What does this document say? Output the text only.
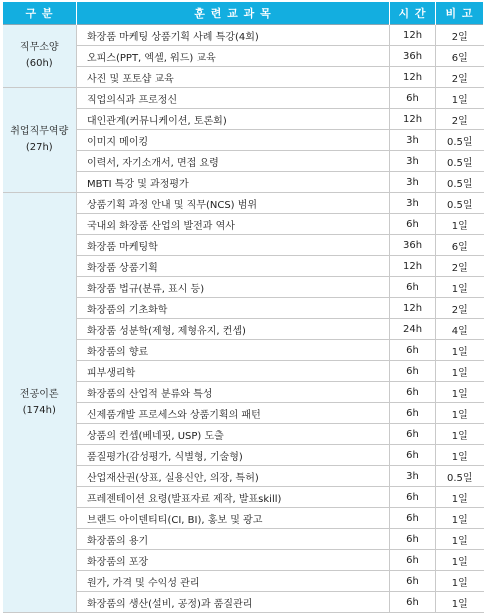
구 분	훈 련 교 과 목	시 간	비 고

직무소양
(60h)	화장품 마케팅 상품기획 사례 특강(4회)	12h	2일
	오피스(PPT, 엑셀, 워드) 교육	36h	6일
	사진 및 포토샵 교육	12h	2일

취업직무역량
(27h)	직업의식과 프로정신	6h	1일
	대인관계(커뮤니케이션, 토론회)	12h	2일
	이미지 메이킹	3h	0.5일
	이력서, 자기소개서, 면접 요령	3h	0.5일
	MBTI 특강 및 과정평가	3h	0.5일

전공이론
(174h)	상품기획 과정 안내 및 직무(NCS) 범위	3h	0.5일
	국내외 화장품 산업의 발전과 역사	6h	1일
	화장품 마케팅학	36h	6일
	화장품 상품기획	12h	2일
	화장품 법규(분류, 표시 등)	6h	1일
	화장품의 기초화학	12h	2일
	화장품 성분학(제형, 제형유지, 컨셉)	24h	4일
	화장품의 향료	6h	1일
	피부생리학	6h	1일
	화장품의 산업적 분류와 특성	6h	1일
	신제품개발 프로세스와 상품기획의 패턴	6h	1일
	상품의 컨셉(베네핏, USP) 도출	6h	1일
	품질평가(감성평가, 식별형, 기술형)	6h	1일
	산업재산권(상표, 실용신안, 의장, 특허)	3h	0.5일
	프레젠테이션 요령(발표자료 제작, 발표skill)	6h	1일
	브랜드 아이덴티티(CI, BI), 홍보 및 광고	6h	1일
	화장품의 용기	6h	1일
	화장품의 포장	6h	1일
	원가, 가격 및 수익성 관리	6h	1일
	화장품의 생산(설비, 공정)과 품질관리	6h	1일
